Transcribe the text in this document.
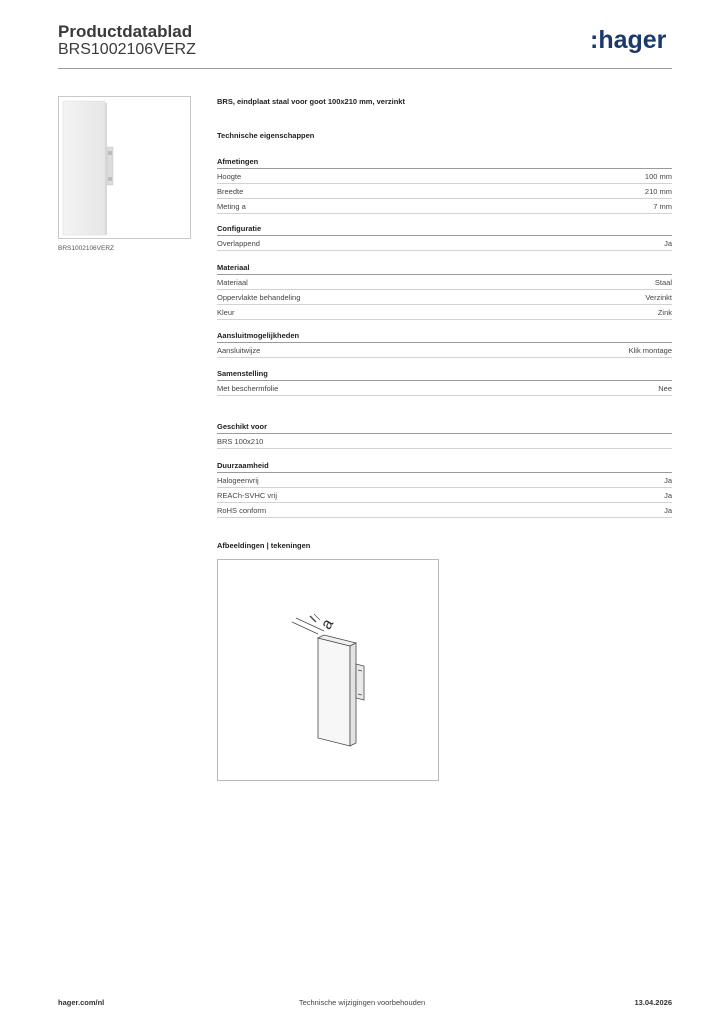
Productdatablad
BRS1002106VERZ	:hager
BRS1002106VERZ
BRS, eindplaat staal voor goot 100x210 mm, verzinkt
Technische eigenschappen
Afmetingen
Hoogte	100 mm
Breedte	210 mm
Meting a	7 mm
Configuratie
Overlappend	Ja
Materiaal
Materiaal	Staal
Oppervlakte behandeling	Verzinkt
Kleur	Zink
Aansluitmogelijkheden
Aansluitwijze	Klik montage
Samenstelling
Met beschermfolie	Nee
Geschikt voor
BRS 100x210
Duurzaamheid
Halogeenvrij	Ja
REACh-SVHC vrij	Ja
RoHS conform	Ja
Afbeeldingen | tekeningen
a
hager.com/nl	Technische wijzigingen voorbehouden	13.04.2026
